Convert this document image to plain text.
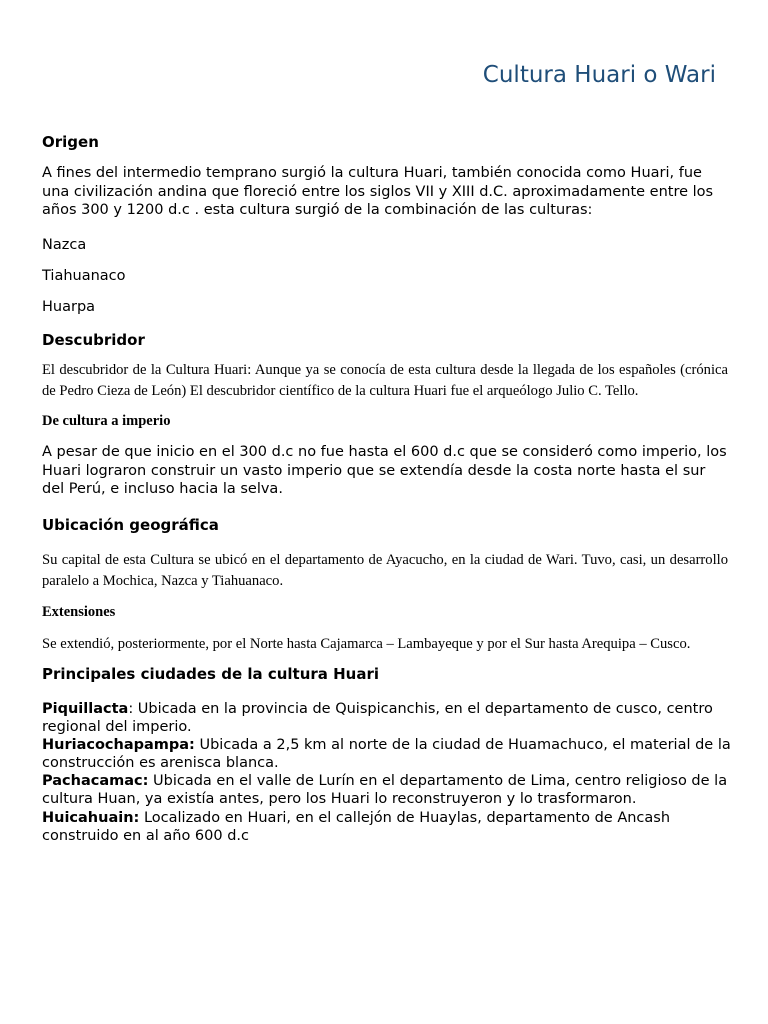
Cultura Huari o Wari
Origen
A fines del intermedio temprano surgió la cultura Huari, también conocida como Huari, fue una civilización andina que floreció entre los siglos VII y XIII d.C. aproximadamente entre los años 300 y 1200 d.c . esta cultura surgió de la combinación de las culturas:
Nazca
Tiahuanaco
Huarpa
Descubridor
El descubridor de la Cultura Huari: Aunque ya se conocía de esta cultura desde la llegada de los españoles (crónica de Pedro Cieza de León) El descubridor científico de la cultura Huari fue el arqueólogo Julio C. Tello.
De cultura a imperio
A pesar de que inicio en el 300 d.c no fue hasta el 600 d.c que se consideró como imperio, los Huari lograron construir un vasto imperio que se extendía desde la costa norte hasta el sur del Perú, e incluso hacia la selva.
Ubicación geográfica
Su capital de esta Cultura se ubicó en el departamento de Ayacucho, en la ciudad de Wari. Tuvo, casi, un desarrollo paralelo a Mochica, Nazca y Tiahuanaco.
Extensiones
Se extendió, posteriormente, por el Norte hasta Cajamarca – Lambayeque y por el Sur hasta Arequipa – Cusco.
Principales ciudades de la cultura Huari
Piquillacta: Ubicada en la provincia de Quispicanchis, en el departamento de cusco, centro regional del imperio.
Huriacochapampa: Ubicada a 2,5 km al norte de la ciudad de Huamachuco, el material de la construcción es arenisca blanca.
Pachacamac: Ubicada en el valle de Lurín en el departamento de Lima, centro religioso de la cultura Huan, ya existía antes, pero los Huari lo reconstruyeron y lo trasformaron.
Huicahuain: Localizado en Huari, en el callejón de Huaylas, departamento de Ancash construido en al año 600 d.c
